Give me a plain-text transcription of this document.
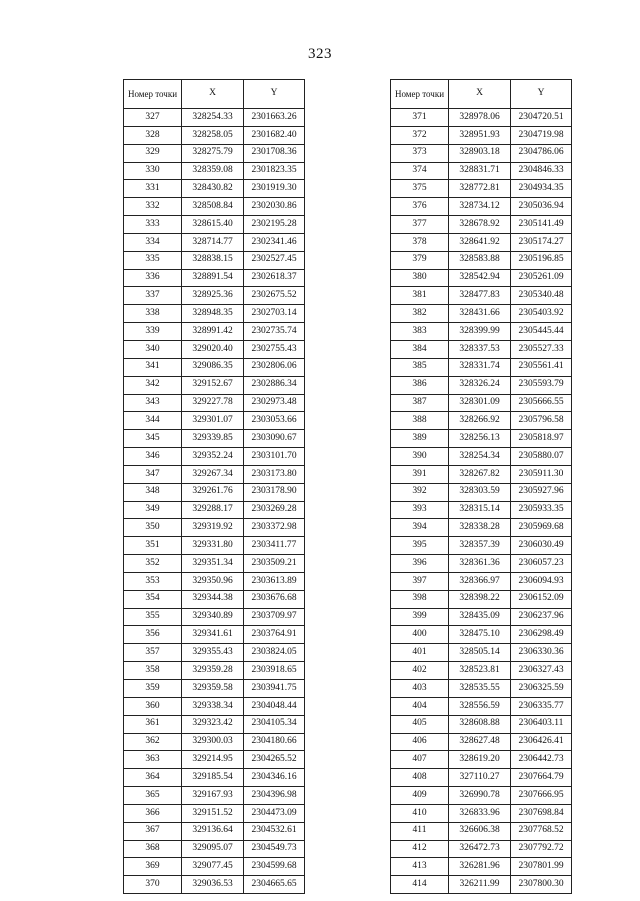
323
Номер точки	X	Y
327	328254.33	2301663.26
328	328258.05	2301682.40
329	328275.79	2301708.36
330	328359.08	2301823.35
331	328430.82	2301919.30
332	328508.84	2302030.86
333	328615.40	2302195.28
334	328714.77	2302341.46
335	328838.15	2302527.45
336	328891.54	2302618.37
337	328925.36	2302675.52
338	328948.35	2302703.14
339	328991.42	2302735.74
340	329020.40	2302755.43
341	329086.35	2302806.06
342	329152.67	2302886.34
343	329227.78	2302973.48
344	329301.07	2303053.66
345	329339.85	2303090.67
346	329352.24	2303101.70
347	329267.34	2303173.80
348	329261.76	2303178.90
349	329288.17	2303269.28
350	329319.92	2303372.98
351	329331.80	2303411.77
352	329351.34	2303509.21
353	329350.96	2303613.89
354	329344.38	2303676.68
355	329340.89	2303709.97
356	329341.61	2303764.91
357	329355.43	2303824.05
358	329359.28	2303918.65
359	329359.58	2303941.75
360	329338.34	2304048.44
361	329323.42	2304105.34
362	329300.03	2304180.66
363	329214.95	2304265.52
364	329185.54	2304346.16
365	329167.93	2304396.98
366	329151.52	2304473.09
367	329136.64	2304532.61
368	329095.07	2304549.73
369	329077.45	2304599.68
370	329036.53	2304665.65
Номер точки	X	Y
371	328978.06	2304720.51
372	328951.93	2304719.98
373	328903.18	2304786.06
374	328831.71	2304846.33
375	328772.81	2304934.35
376	328734.12	2305036.94
377	328678.92	2305141.49
378	328641.92	2305174.27
379	328583.88	2305196.85
380	328542.94	2305261.09
381	328477.83	2305340.48
382	328431.66	2305403.92
383	328399.99	2305445.44
384	328337.53	2305527.33
385	328331.74	2305561.41
386	328326.24	2305593.79
387	328301.09	2305666.55
388	328266.92	2305796.58
389	328256.13	2305818.97
390	328254.34	2305880.07
391	328267.82	2305911.30
392	328303.59	2305927.96
393	328315.14	2305933.35
394	328338.28	2305969.68
395	328357.39	2306030.49
396	328361.36	2306057.23
397	328366.97	2306094.93
398	328398.22	2306152.09
399	328435.09	2306237.96
400	328475.10	2306298.49
401	328505.14	2306330.36
402	328523.81	2306327.43
403	328535.55	2306325.59
404	328556.59	2306335.77
405	328608.88	2306403.11
406	328627.48	2306426.41
407	328619.20	2306442.73
408	327110.27	2307664.79
409	326990.78	2307666.95
410	326833.96	2307698.84
411	326606.38	2307768.52
412	326472.73	2307792.72
413	326281.96	2307801.99
414	326211.99	2307800.30
